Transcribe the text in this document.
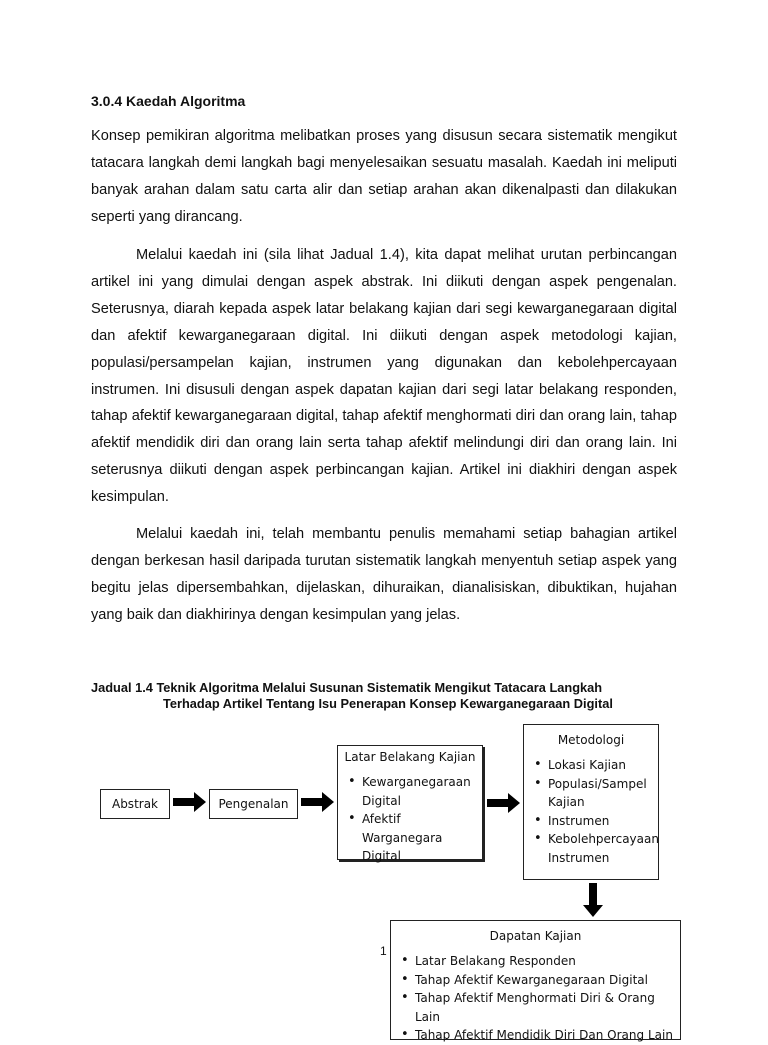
3.0.4 Kaedah Algoritma

Konsep pemikiran algoritma melibatkan proses yang disusun secara sistematik mengikut tatacara langkah demi langkah bagi menyelesaikan sesuatu masalah. Kaedah ini meliputi banyak arahan dalam satu carta alir dan setiap arahan akan dikenalpasti dan dilakukan seperti yang dirancang.

Melalui kaedah ini (sila lihat Jadual 1.4), kita dapat melihat urutan perbincangan artikel ini yang dimulai dengan aspek abstrak. Ini diikuti dengan aspek pengenalan. Seterusnya, diarah kepada aspek latar belakang kajian dari segi kewarganegaraan digital dan afektif kewarganegaraan digital. Ini diikuti dengan aspek metodologi kajian, populasi/persampelan kajian, instrumen yang digunakan dan kebolehpercayaan instrumen. Ini disusuli dengan aspek dapatan kajian dari segi latar belakang responden, tahap afektif kewarganegaraan digital, tahap afektif menghormati diri dan orang lain, tahap afektif mendidik diri dan orang lain serta tahap afektif melindungi diri dan orang lain. Ini seterusnya diikuti dengan aspek perbincangan kajian. Artikel ini diakhiri dengan aspek kesimpulan.

Melalui kaedah ini, telah membantu penulis memahami setiap bahagian artikel dengan berkesan hasil daripada turutan sistematik langkah menyentuh setiap aspek yang begitu jelas dipersembahkan, dijelaskan, dihuraikan, dianalisiskan, dibuktikan, hujahan yang baik dan diakhirinya dengan kesimpulan yang jelas.

Jadual 1.4 Teknik Algoritma Melalui Susunan Sistematik Mengikut Tatacara Langkah
Terhadap Artikel Tentang Isu Penerapan Konsep Kewarganegaraan Digital
Abstrak	Pengenalan
Latar Belakang Kajian
• Kewarganegaraan Digital
• Afektif Warganegara Digital
Metodologi
• Lokasi Kajian
• Populasi/Sampel Kajian
• Instrumen
• Kebolehpercayaan Instrumen
Dapatan Kajian
• Latar Belakang Responden
• Tahap Afektif Kewarganegaraan Digital
• Tahap Afektif Menghormati Diri & Orang Lain
• Tahap Afektif Mendidik Diri Dan Orang Lain
1
